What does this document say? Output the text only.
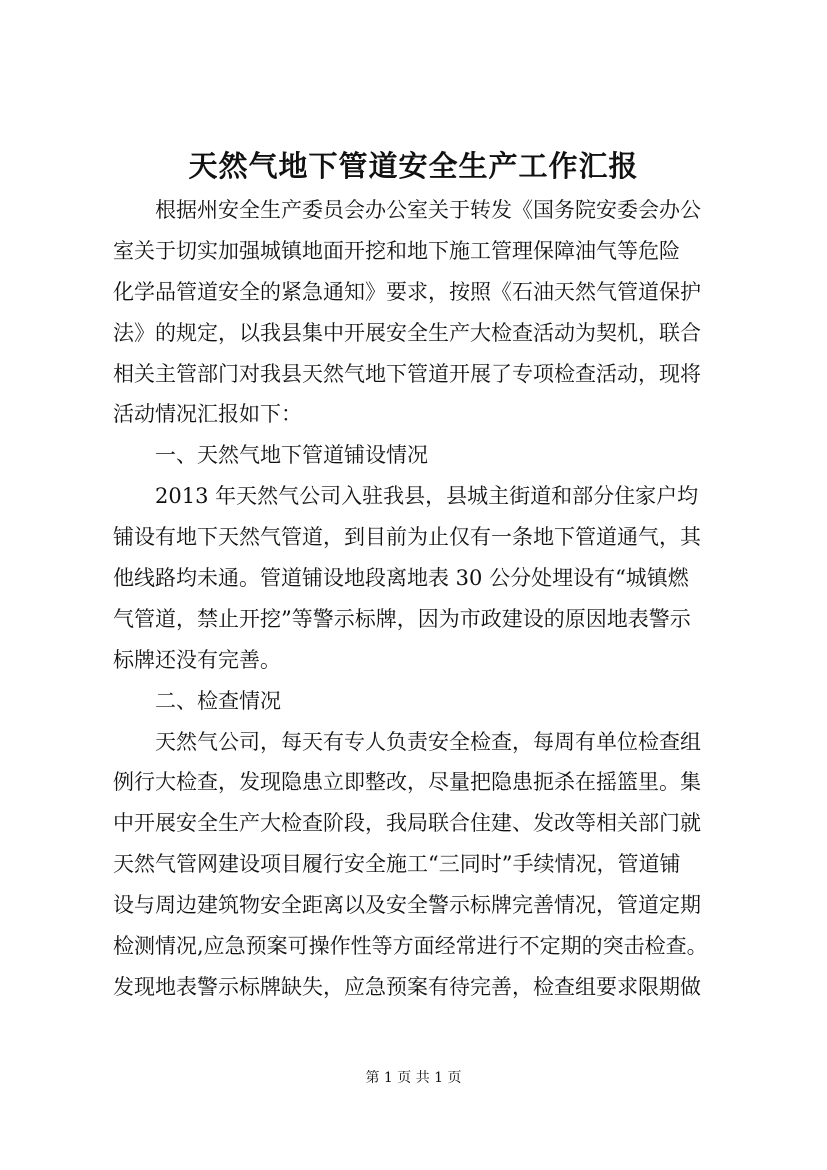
天然气地下管道安全生产工作汇报
根据州安全生产委员会办公室关于转发《国务院安委会办公
室关于切实加强城镇地面开挖和地下施工管理保障油气等危险
化学品管道安全的紧急通知》要求，按照《石油天然气管道保护
法》的规定，以我县集中开展安全生产大检查活动为契机，联合
相关主管部门对我县天然气地下管道开展了专项检查活动，现将
活动情况汇报如下：
一、天然气地下管道铺设情况
2013 年天然气公司入驻我县，县城主街道和部分住家户均
铺设有地下天然气管道，到目前为止仅有一条地下管道通气，其
他线路均未通。管道铺设地段离地表 30 公分处埋设有“城镇燃
气管道，禁止开挖”等警示标牌，因为市政建设的原因地表警示
标牌还没有完善。
二、检查情况
天然气公司，每天有专人负责安全检查，每周有单位检查组
例行大检查，发现隐患立即整改，尽量把隐患扼杀在摇篮里。集
中开展安全生产大检查阶段，我局联合住建、发改等相关部门就
天然气管网建设项目履行安全施工“三同时”手续情况，管道铺
设与周边建筑物安全距离以及安全警示标牌完善情况，管道定期
检测情况,应急预案可操作性等方面经常进行不定期的突击检查。
发现地表警示标牌缺失，应急预案有待完善，检查组要求限期做
第 1 页 共 1 页
